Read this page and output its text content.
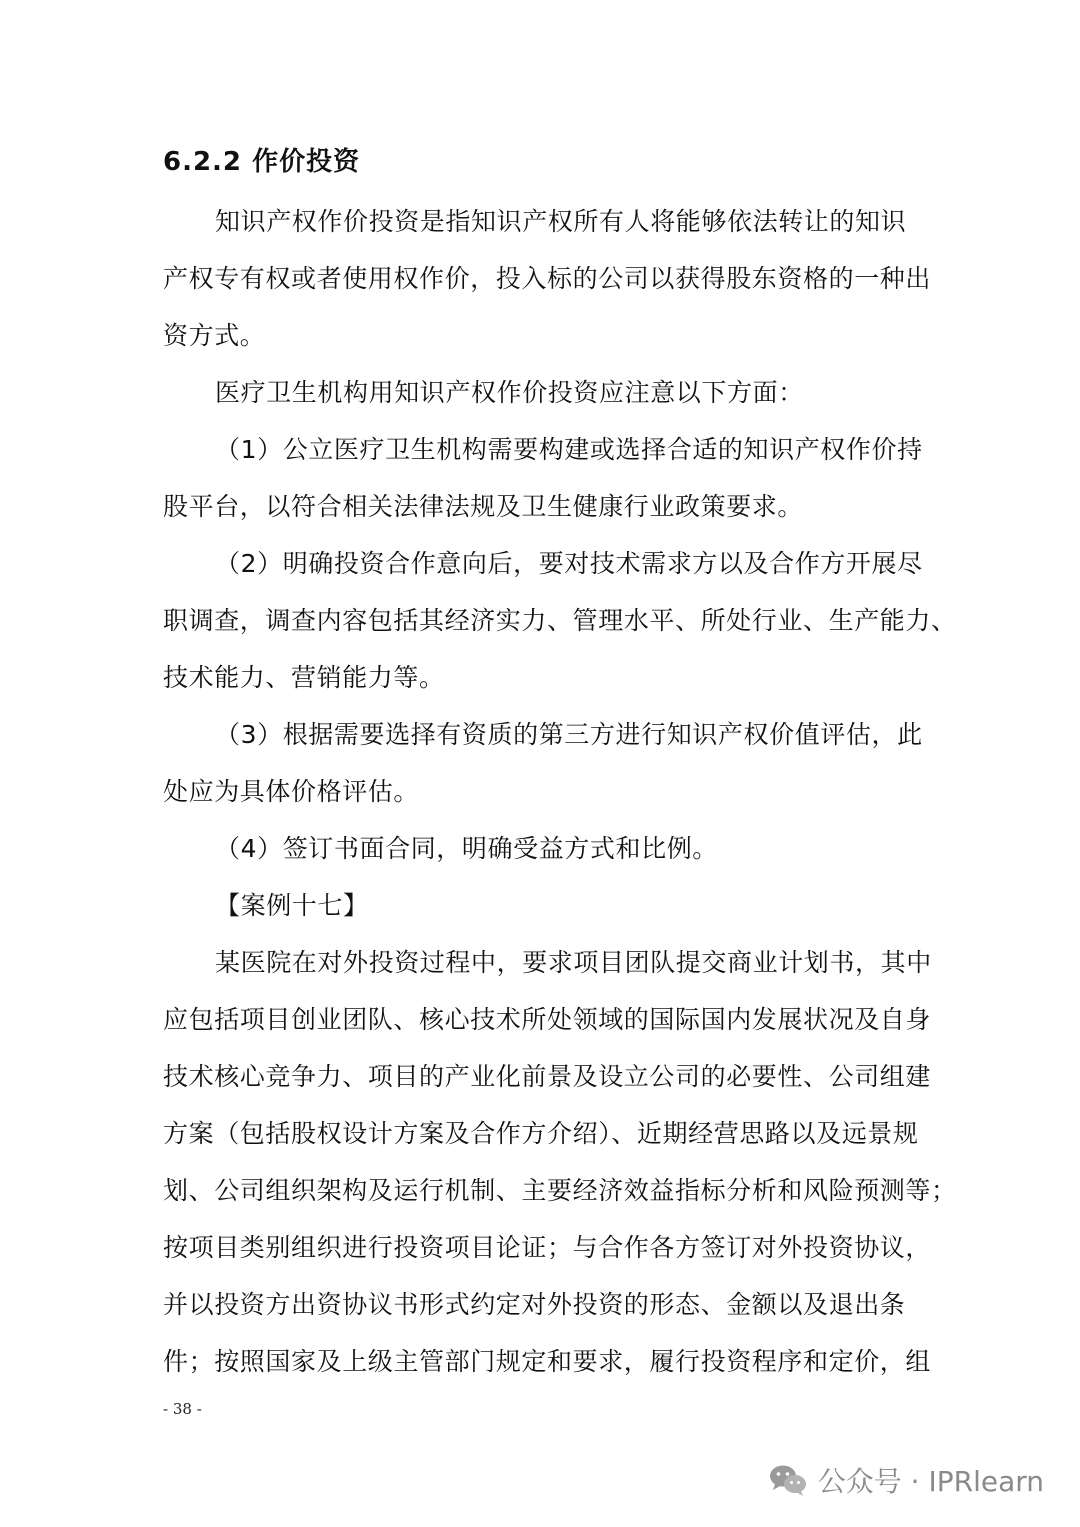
6.2.2 作价投资
知识产权作价投资是指知识产权所有人将能够依法转让的知识
产权专有权或者使用权作价，投入标的公司以获得股东资格的一种出
资方式。
医疗卫生机构用知识产权作价投资应注意以下方面：
（1）公立医疗卫生机构需要构建或选择合适的知识产权作价持
股平台，以符合相关法律法规及卫生健康行业政策要求。
（2）明确投资合作意向后，要对技术需求方以及合作方开展尽
职调查，调查内容包括其经济实力、管理水平、所处行业、生产能力、
技术能力、营销能力等。
（3）根据需要选择有资质的第三方进行知识产权价值评估，此
处应为具体价格评估。
（4）签订书面合同，明确受益方式和比例。
【案例十七】
某医院在对外投资过程中，要求项目团队提交商业计划书，其中
应包括项目创业团队、核心技术所处领域的国际国内发展状况及自身
技术核心竞争力、项目的产业化前景及设立公司的必要性、公司组建
方案（包括股权设计方案及合作方介绍）、近期经营思路以及远景规
划、公司组织架构及运行机制、主要经济效益指标分析和风险预测等；
按项目类别组织进行投资项目论证；与合作各方签订对外投资协议，
并以投资方出资协议书形式约定对外投资的形态、金额以及退出条
件；按照国家及上级主管部门规定和要求，履行投资程序和定价，组
- 38 -
公众号 · IPRlearn
